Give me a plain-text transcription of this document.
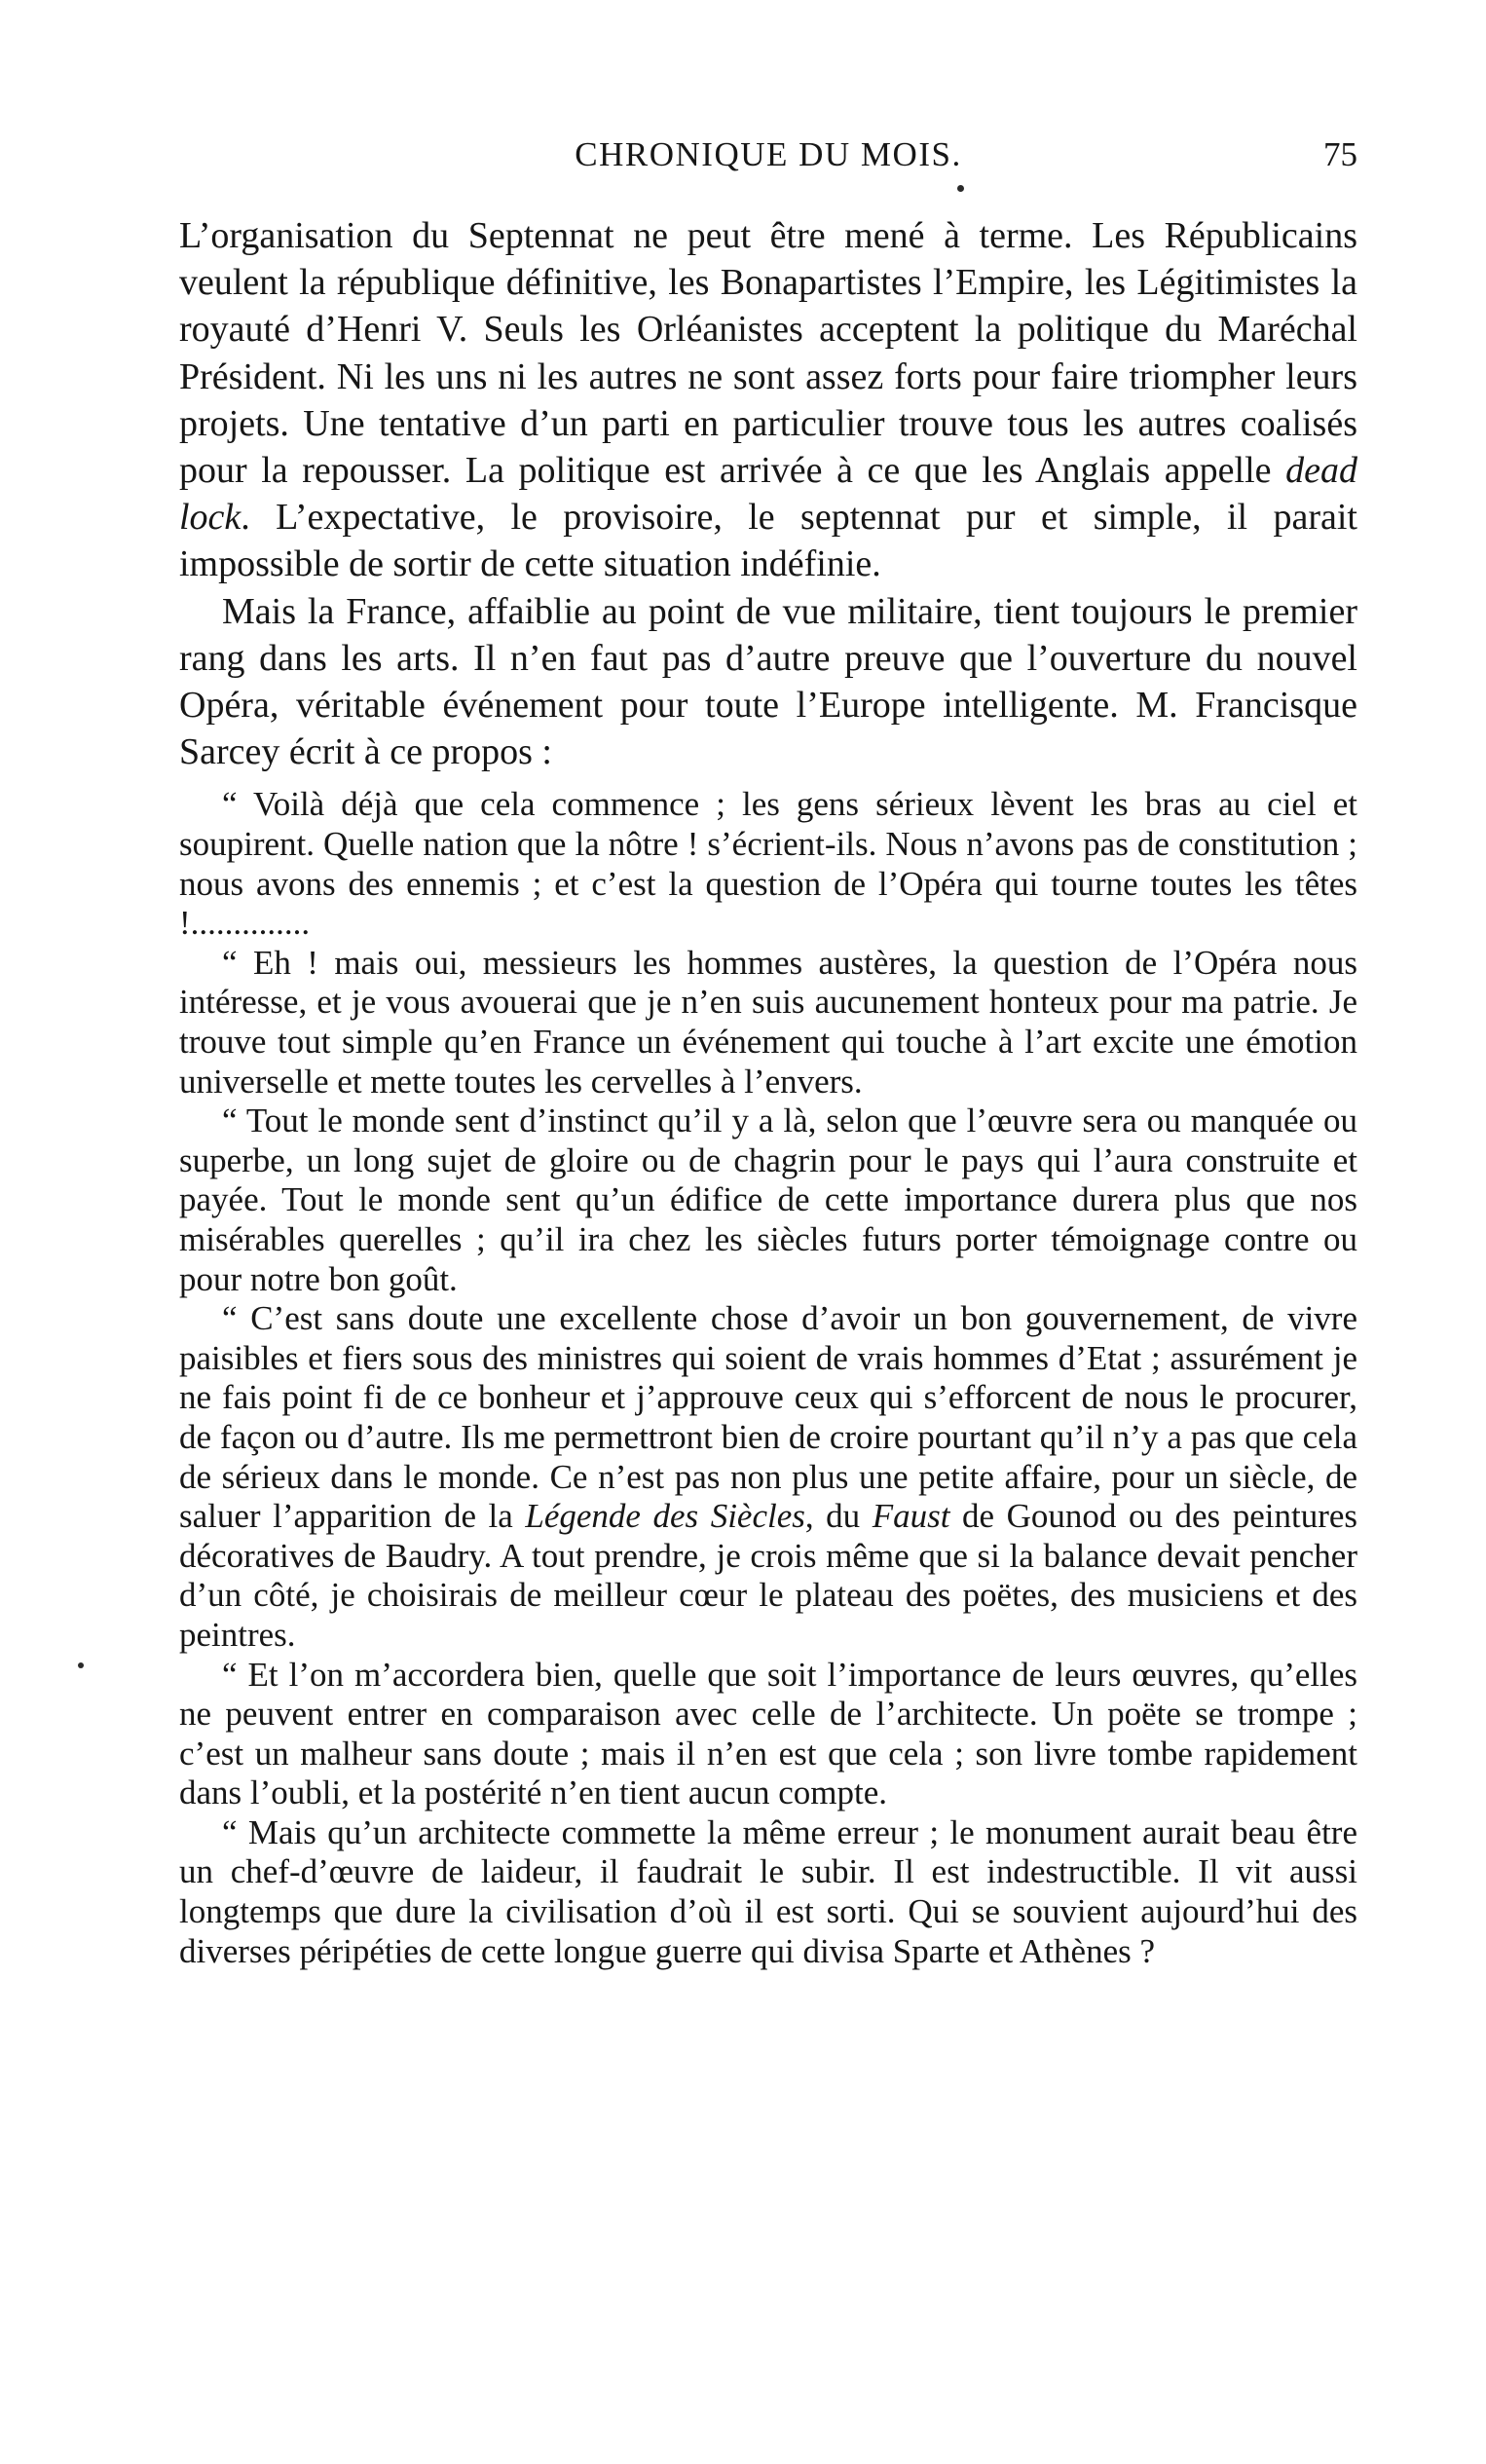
CHRONIQUE DU MOIS.	75

L’organisation du Septennat ne peut être mené à terme. Les Républicains veulent la république définitive, les Bonapartistes l’Empire, les Légitimistes la royauté d’Henri V. Seuls les Orléanistes acceptent la politique du Maréchal Président. Ni les uns ni les autres ne sont assez forts pour faire triompher leurs projets. Une tentative d’un parti en particulier trouve tous les autres coalisés pour la repousser. La politique est arrivée à ce que les Anglais appelle dead lock. L’expectative, le provisoire, le septennat pur et simple, il parait impossible de sortir de cette situation indéfinie.

Mais la France, affaiblie au point de vue militaire, tient toujours le premier rang dans les arts. Il n’en faut pas d’autre preuve que l’ouverture du nouvel Opéra, véritable événement pour toute l’Europe intelligente. M. Francisque Sarcey écrit à ce propos :

“ Voilà déjà que cela commence ; les gens sérieux lèvent les bras au ciel et soupirent. Quelle nation que la nôtre ! s’écrient-ils. Nous n’avons pas de constitution ; nous avons des ennemis ; et c’est la question de l’Opéra qui tourne toutes les têtes !..............

“ Eh ! mais oui, messieurs les hommes austères, la question de l’Opéra nous intéresse, et je vous avouerai que je n’en suis aucunement honteux pour ma patrie. Je trouve tout simple qu’en France un événement qui touche à l’art excite une émotion universelle et mette toutes les cervelles à l’envers.

“ Tout le monde sent d’instinct qu’il y a là, selon que l’œuvre sera ou manquée ou superbe, un long sujet de gloire ou de chagrin pour le pays qui l’aura construite et payée. Tout le monde sent qu’un édifice de cette importance durera plus que nos misérables querelles ; qu’il ira chez les siècles futurs porter témoignage contre ou pour notre bon goût.

“ C’est sans doute une excellente chose d’avoir un bon gouvernement, de vivre paisibles et fiers sous des ministres qui soient de vrais hommes d’Etat ; assurément je ne fais point fi de ce bonheur et j’approuve ceux qui s’efforcent de nous le procurer, de façon ou d’autre. Ils me permettront bien de croire pourtant qu’il n’y a pas que cela de sérieux dans le monde. Ce n’est pas non plus une petite affaire, pour un siècle, de saluer l’apparition de la Légende des Siècles, du Faust de Gounod ou des peintures décoratives de Baudry. A tout prendre, je crois même que si la balance devait pencher d’un côté, je choisirais de meilleur cœur le plateau des poëtes, des musiciens et des peintres.

“ Et l’on m’accordera bien, quelle que soit l’importance de leurs œuvres, qu’elles ne peuvent entrer en comparaison avec celle de l’architecte. Un poëte se trompe ; c’est un malheur sans doute ; mais il n’en est que cela ; son livre tombe rapidement dans l’oubli, et la postérité n’en tient aucun compte.

“ Mais qu’un architecte commette la même erreur ; le monument aurait beau être un chef-d’œuvre de laideur, il faudrait le subir. Il est indestructible. Il vit aussi longtemps que dure la civilisation d’où il est sorti. Qui se souvient aujourd’hui des diverses péripéties de cette longue guerre qui divisa Sparte et Athènes ?
